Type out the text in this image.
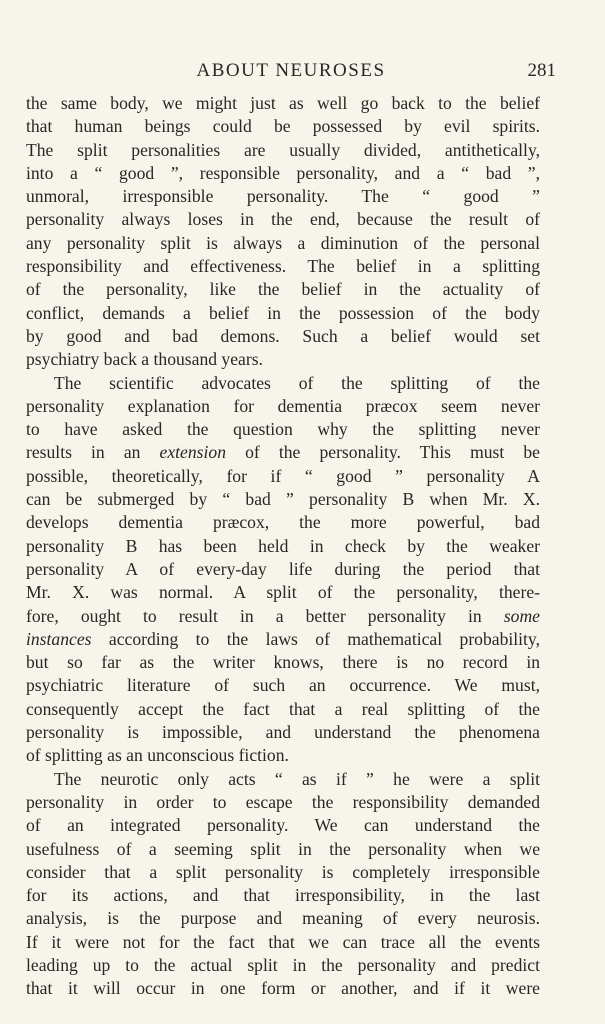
ABOUT NEUROSES	281
the same body, we might just as well go back to the belief
that human beings could be possessed by evil spirits.
The split personalities are usually divided, antithetically,
into a “ good ”, responsible personality, and a “ bad ”,
unmoral, irresponsible personality. The “ good ”
personality always loses in the end, because the result of
any personality split is always a diminution of the personal
responsibility and effectiveness. The belief in a splitting
of the personality, like the belief in the actuality of
conflict, demands a belief in the possession of the body
by good and bad demons. Such a belief would set
psychiatry back a thousand years.
The scientific advocates of the splitting of the
personality explanation for dementia præcox seem never
to have asked the question why the splitting never
results in an extension of the personality. This must be
possible, theoretically, for if “ good ” personality A
can be submerged by “ bad ” personality B when Mr. X.
develops dementia præcox, the more powerful, bad
personality B has been held in check by the weaker
personality A of every-day life during the period that
Mr. X. was normal. A split of the personality, there-
fore, ought to result in a better personality in some
instances according to the laws of mathematical probability,
but so far as the writer knows, there is no record in
psychiatric literature of such an occurrence. We must,
consequently accept the fact that a real splitting of the
personality is impossible, and understand the phenomena
of splitting as an unconscious fiction.
The neurotic only acts “ as if ” he were a split
personality in order to escape the responsibility demanded
of an integrated personality. We can understand the
usefulness of a seeming split in the personality when we
consider that a split personality is completely irresponsible
for its actions, and that irresponsibility, in the last
analysis, is the purpose and meaning of every neurosis.
If it were not for the fact that we can trace all the events
leading up to the actual split in the personality and predict
that it will occur in one form or another, and if it were
